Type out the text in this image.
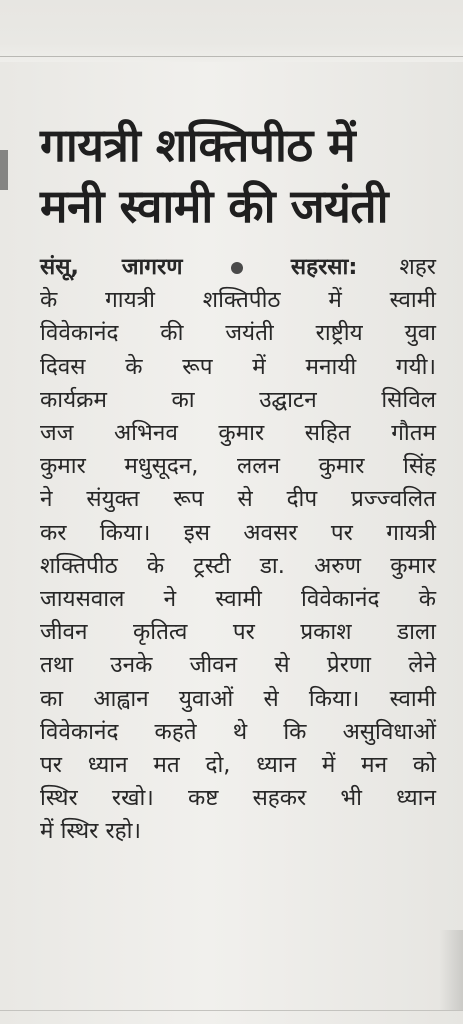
गायत्री शक्तिपीठ में
मनी स्वामी की जयंती
संसू, जागरण	सहरसा: शहर
के गायत्री शक्तिपीठ में स्वामी
विवेकानंद की जयंती राष्ट्रीय युवा
दिवस के रूप में मनायी गयी।
कार्यक्रम का उद्घाटन सिविल
जज अभिनव कुमार सहित गौतम
कुमार मधुसूदन, ललन कुमार सिंह
ने संयुक्त रूप से दीप प्रज्ज्वलित
कर किया। इस अवसर पर गायत्री
शक्तिपीठ के ट्रस्टी डा. अरुण कुमार
जायसवाल ने स्वामी विवेकानंद के
जीवन कृतित्व पर प्रकाश डाला
तथा उनके जीवन से प्रेरणा लेने
का आह्वान युवाओं से किया। स्वामी
विवेकानंद कहते थे कि असुविधाओं
पर ध्यान मत दो, ध्यान में मन को
स्थिर रखो। कष्ट सहकर भी ध्यान
में स्थिर रहो।
